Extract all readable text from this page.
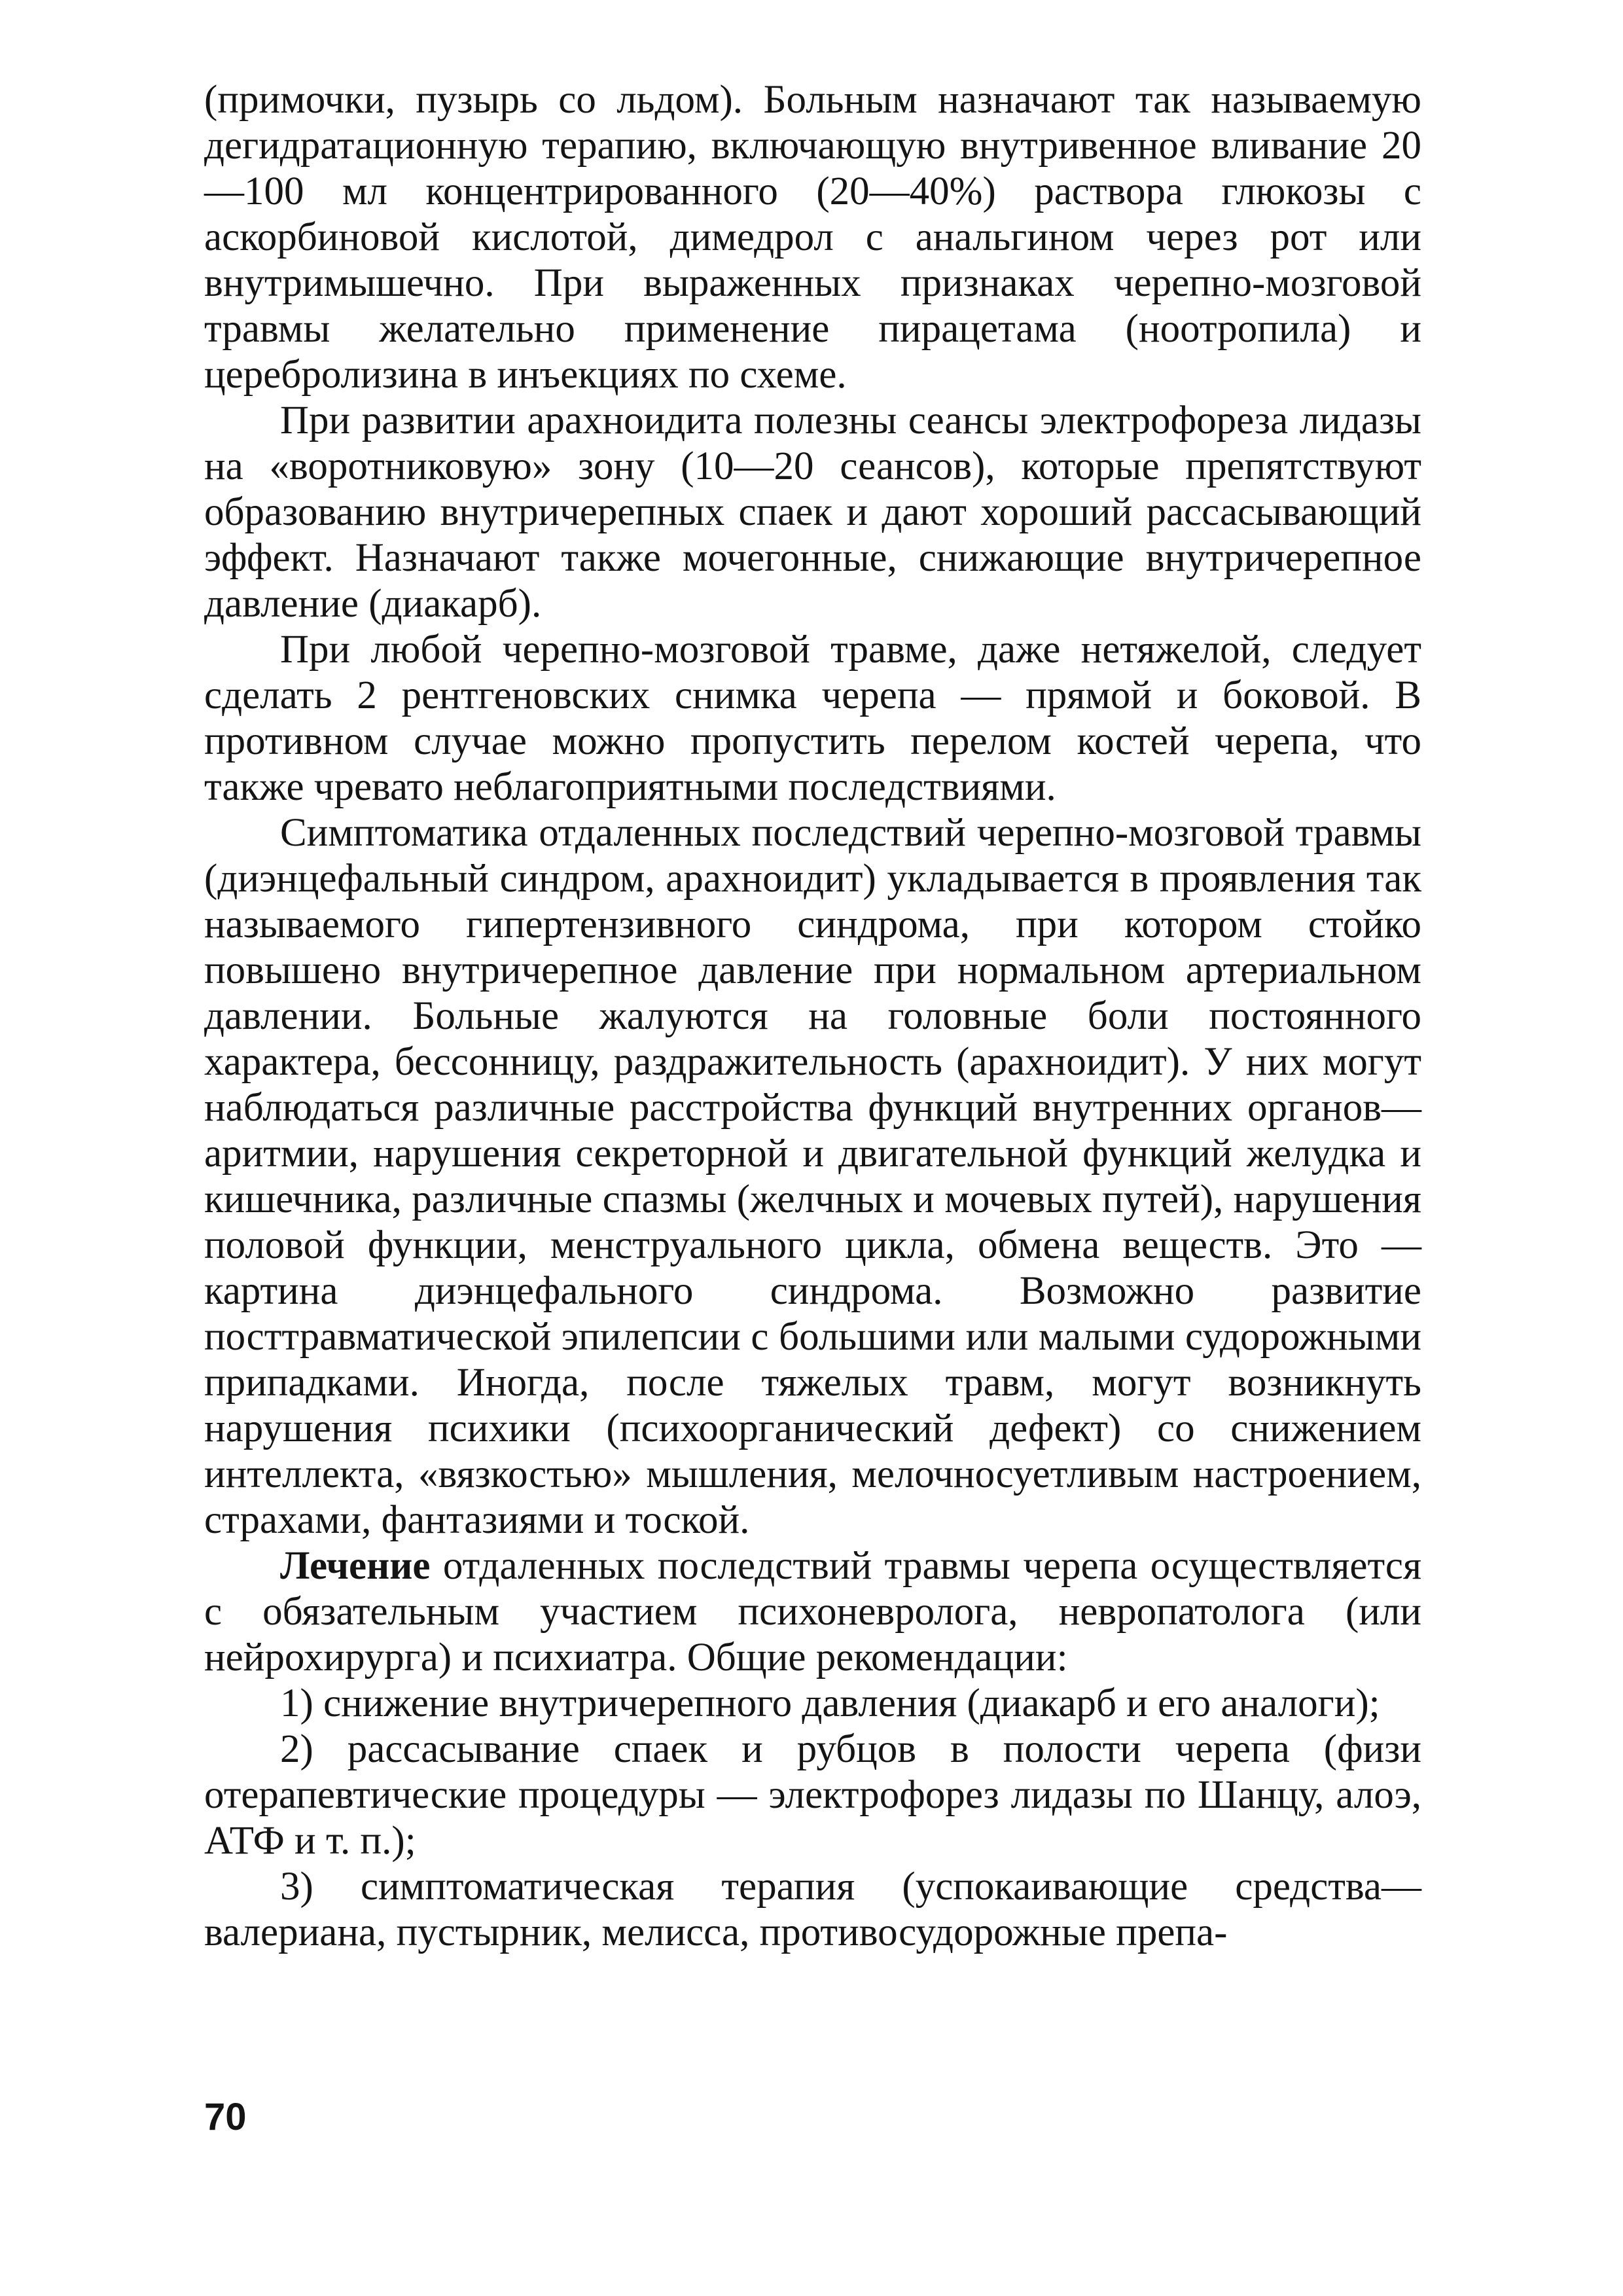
(примочки, пузырь со льдом). Больным назначают так называемую дегидратационную терапию, включающую внутривенное вливание 20—100 мл концентрированного (20—40%) раствора глюкозы с аскорбиновой кислотой, димедрол с анальгином через рот или внутримышечно. При выраженных признаках черепно-мозговой травмы желательно применение пирацетама (ноотропила) и церебролизина в инъекциях по схеме.

При развитии арахноидита полезны сеансы электрофореза лидазы на «воротниковую» зону (10—20 сеансов), которые препятствуют образованию внутричерепных спаек и дают хороший рассасывающий эффект. Назначают также мочегонные, снижающие внутричерепное давление (диакарб).

При любой черепно-мозговой травме, даже нетяжелой, следует сделать 2 рентгеновских снимка черепа — прямой и боковой. В противном случае можно пропустить перелом костей черепа, что также чревато неблагоприятными последствиями.

Симптоматика отдаленных последствий черепно-мозговой травмы (диэнцефальный синдром, арахноидит) укладывается в проявления так называемого гипертензивного синдрома, при котором стойко повышено внутричерепное давление при нормальном артериальном давлении. Больные жалуются на головные боли постоянного характера, бессонницу, раздражительность (арахноидит). У них могут наблюдаться различные расстройства функций внутренних органов—аритмии, нарушения секреторной и двигательной функций желудка и кишечника, различные спазмы (желчных и мочевых путей), нарушения половой функции, менструального цикла, обмена веществ. Это — картина диэнцефального синдрома. Возможно развитие посттравматической эпилепсии с большими или малыми судорожными припадками. Иногда, после тяжелых травм, могут возникнуть нарушения психики (психоорганический дефект) со снижением интеллекта, «вязкостью» мышления, мелочносуетливым настроением, страхами, фантазиями и тоской.

Лечение отдаленных последствий травмы черепа осуществляется с обязательным участием психоневролога, невропатолога (или нейрохирурга) и психиатра. Общие рекомендации:

1) снижение внутричерепного давления (диакарб и его аналоги);

2) рассасывание спаек и рубцов в полости черепа (физи отерапевтические процедуры — электрофорез лидазы по Шанцу, алоэ, АТФ и т. п.);

3) симптоматическая терапия (успокаивающие средства— валериана, пустырник, мелисса, противосудорожные препа-

70
